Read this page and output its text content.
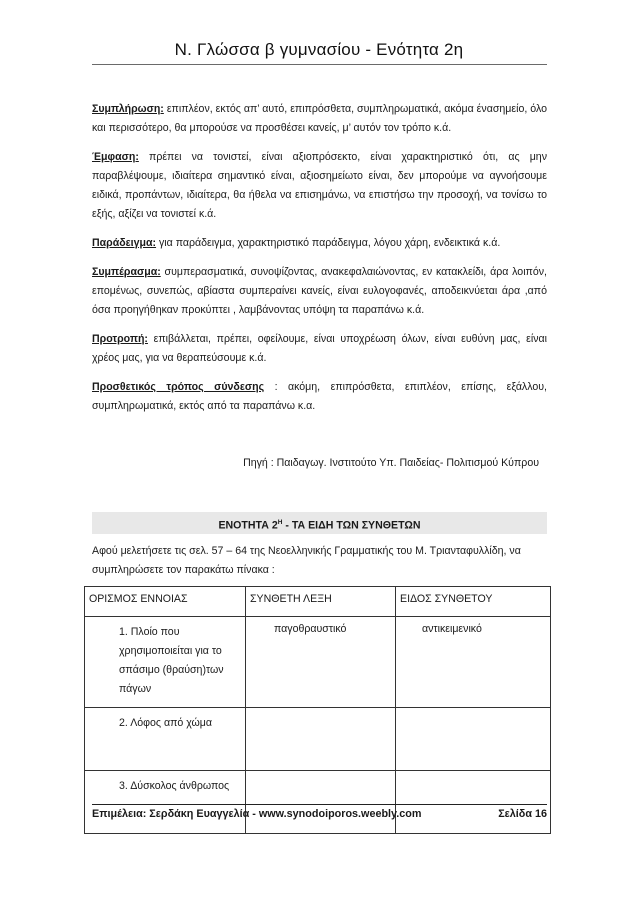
Ν. Γλώσσα β γυμνασίου - Ενότητα 2η

Συμπλήρωση: επιπλέον, εκτός απ’ αυτό, επιπρόσθετα, συμπληρωματικά, ακόμα ένασημείο, όλο και περισσότερο, θα μπορούσε να προσθέσει κανείς, μ’ αυτόν τον τρόπο κ.ά.

Έμφαση: πρέπει να τονιστεί, είναι αξιοπρόσεκτο, είναι χαρακτηριστικό ότι, ας μην παραβλέψουμε, ιδιαίτερα σημαντικό είναι, αξιοσημείωτο είναι, δεν μπορούμε να αγνοήσουμε ειδικά, προπάντων, ιδιαίτερα, θα ήθελα να επισημάνω, να επιστήσω την προσοχή, να τονίσω το εξής, αξίζει να τονιστεί κ.ά.

Παράδειγμα: για παράδειγμα, χαρακτηριστικό παράδειγμα, λόγου χάρη, ενδεικτικά κ.ά.

Συμπέρασμα: συμπερασματικά, συνοψίζοντας, ανακεφαλαιώνοντας, εν κατακλείδι, άρα λοιπόν, επομένως, συνεπώς, αβίαστα συμπεραίνει κανείς, είναι ευλογοφανές, αποδεικνύεται άρα ,από όσα προηγήθηκαν προκύπτει , λαμβάνοντας υπόψη τα παραπάνω κ.ά.

Προτροπή: επιβάλλεται, πρέπει, οφείλουμε, είναι υποχρέωση όλων, είναι ευθύνη μας, είναι χρέος μας, για να θεραπεύσουμε κ.ά.

Προσθετικός τρόπος σύνδεσης : ακόμη, επιπρόσθετα, επιπλέον, επίσης, εξάλλου, συμπληρωματικά, εκτός από τα παραπάνω κ.α.

Πηγή : Παιδαγωγ. Ινστιτούτο Υπ. Παιδείας- Πολιτισμού Κύπρου
ΕΝΟΤΗΤΑ $2^H$ - ΤΑ ΕΙΔΗ ΤΩΝ ΣΥΝΘΕΤΩΝ
Αφού μελετήσετε τις σελ. 57 – 64 της Νεοελληνικής Γραμματικής του Μ. Τριανταφυλλίδη, να συμπληρώσετε τον παρακάτω πίνακα :
ΟΡΙΣΜΟΣ ΕΝΝΟΙΑΣ	ΣΥΝΘΕΤΗ ΛΕΞΗ	ΕΙΔΟΣ ΣΥΝΘΕΤΟΥ
1. Πλοίο που χρησιμοποιείται για το σπάσιμο (θραύση)των πάγων	παγοθραυστικό	αντικειμενικό
2. Λόφος από χώμα		
3. Δύσκολος άνθρωπος		
Επιμέλεια: Σερδάκη Ευαγγελία - www.synodoiporos.weebly.com	Σελίδα 16
